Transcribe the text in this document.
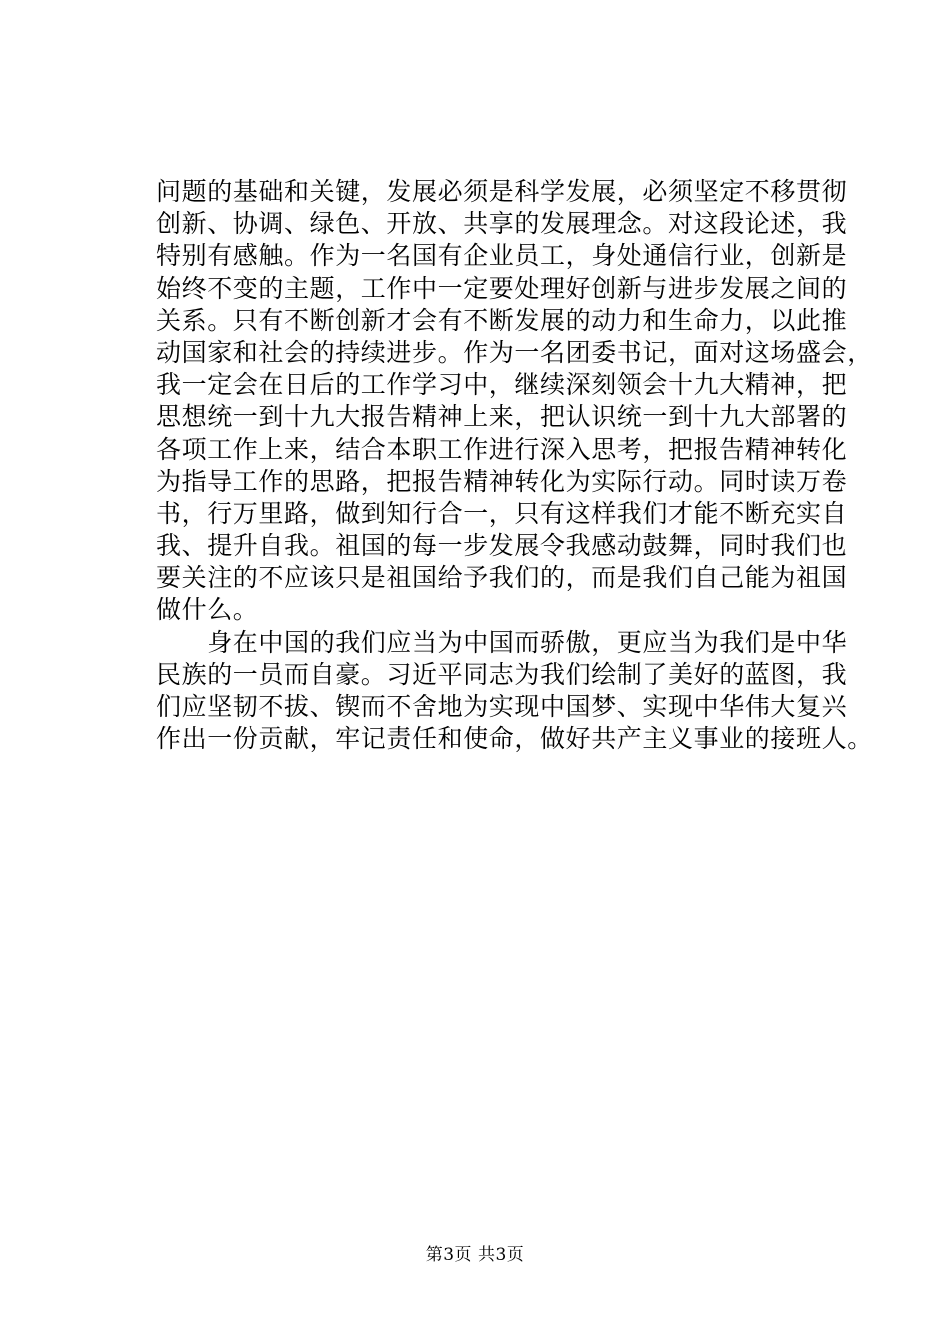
问题的基础和关键，发展必须是科学发展，必须坚定不移贯彻
创新、协调、绿色、开放、共享的发展理念。对这段论述，我
特别有感触。作为一名国有企业员工，身处通信行业，创新是
始终不变的主题，工作中一定要处理好创新与进步发展之间的
关系。只有不断创新才会有不断发展的动力和生命力，以此推
动国家和社会的持续进步。作为一名团委书记，面对这场盛会，
我一定会在日后的工作学习中，继续深刻领会十九大精神，把
思想统一到十九大报告精神上来，把认识统一到十九大部署的
各项工作上来，结合本职工作进行深入思考，把报告精神转化
为指导工作的思路，把报告精神转化为实际行动。同时读万卷
书，行万里路，做到知行合一，只有这样我们才能不断充实自
我、提升自我。祖国的每一步发展令我感动鼓舞，同时我们也
要关注的不应该只是祖国给予我们的，而是我们自己能为祖国
做什么。
　　身在中国的我们应当为中国而骄傲，更应当为我们是中华
民族的一员而自豪。习近平同志为我们绘制了美好的蓝图，我
们应坚韧不拔、锲而不舍地为实现中国梦、实现中华伟大复兴
作出一份贡献，牢记责任和使命，做好共产主义事业的接班人。
第3页 共3页
